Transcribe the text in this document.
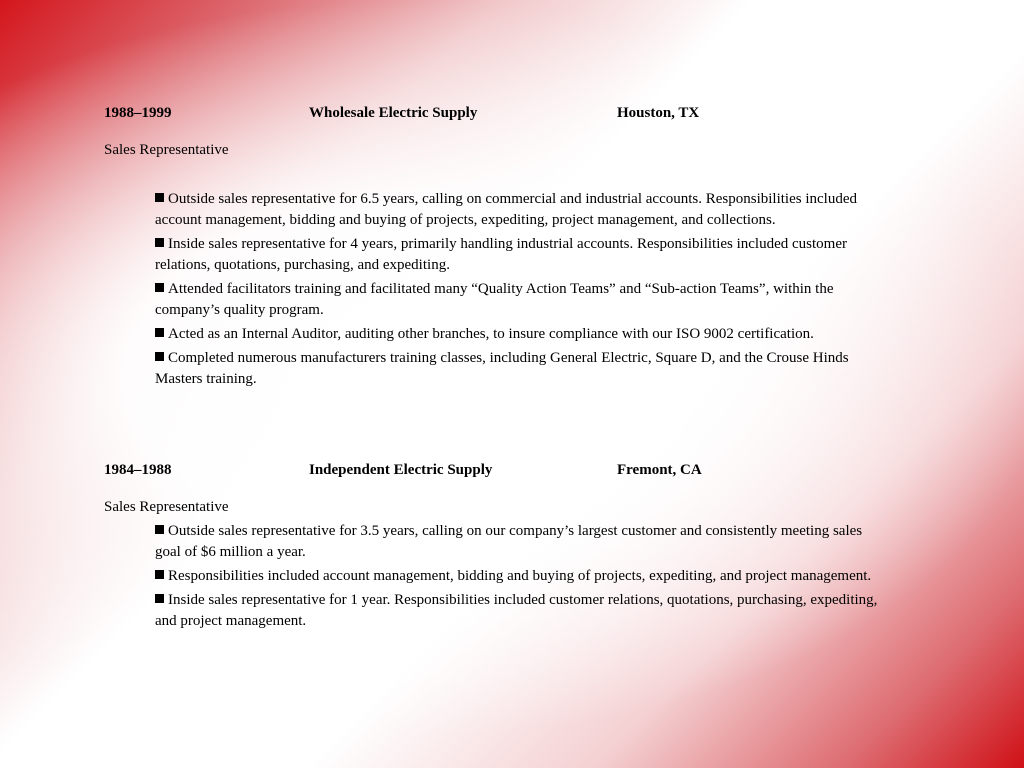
1988–1999	Wholesale Electric Supply	Houston, TX
Sales Representative
Outside sales representative for 6.5 years, calling on commercial and industrial accounts. Responsibilities included account management, bidding and buying of projects, expediting, project management, and collections.
Inside sales representative for 4 years, primarily handling industrial accounts. Responsibilities included customer relations, quotations, purchasing, and expediting.
Attended facilitators training and facilitated many “Quality Action Teams” and “Sub-action Teams”, within the company’s quality program.
Acted as an Internal Auditor, auditing other branches, to insure compliance with our ISO 9002 certification.
Completed numerous manufacturers training classes, including General Electric, Square D, and the Crouse Hinds Masters training.
1984–1988	Independent Electric Supply	Fremont, CA
Sales Representative
Outside sales representative for 3.5 years, calling on our company’s largest customer and consistently meeting sales goal of $6 million a year.
Responsibilities included account management, bidding and buying of projects, expediting, and project management.
Inside sales representative for 1 year. Responsibilities included customer relations, quotations, purchasing, expediting, and project management.
